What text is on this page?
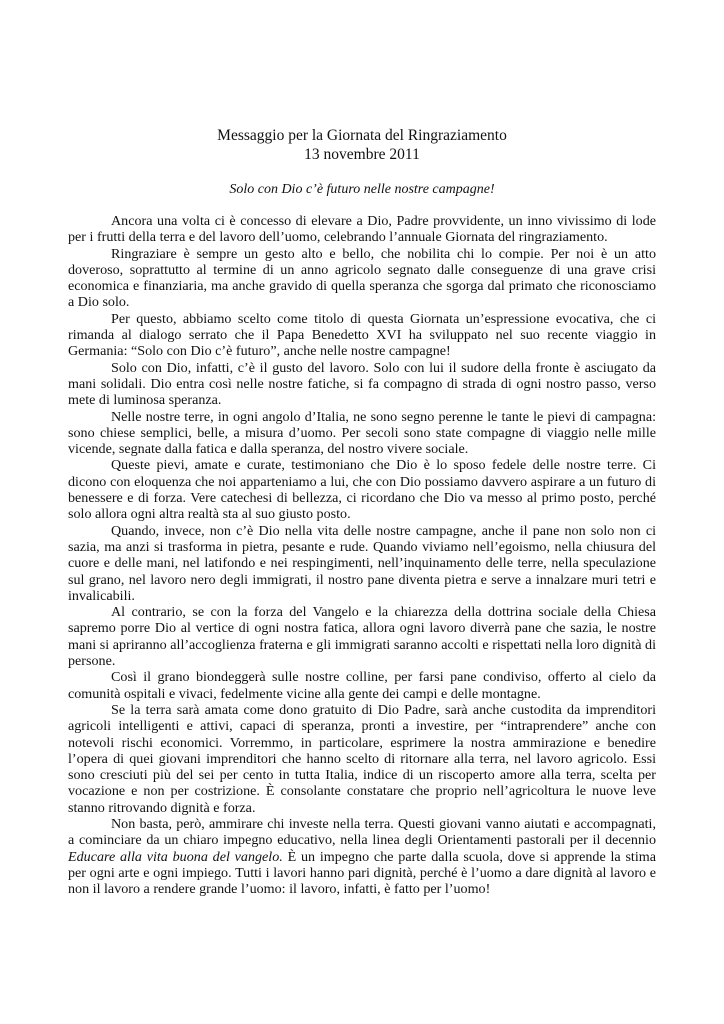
Messaggio per la Giornata del Ringraziamento
13 novembre 2011
Solo con Dio c’è futuro nelle nostre campagne!

Ancora una volta ci è concesso di elevare a Dio, Padre provvidente, un inno vivissimo di lode per i frutti della terra e del lavoro dell’uomo, celebrando l’annuale Giornata del ringraziamento.

Ringraziare è sempre un gesto alto e bello, che nobilita chi lo compie. Per noi è un atto doveroso, soprattutto al termine di un anno agricolo segnato dalle conseguenze di una grave crisi economica e finanziaria, ma anche gravido di quella speranza che sgorga dal primato che riconosciamo a Dio solo.

Per questo, abbiamo scelto come titolo di questa Giornata un’espressione evocativa, che ci rimanda al dialogo serrato che il Papa Benedetto XVI ha sviluppato nel suo recente viaggio in Germania: “Solo con Dio c’è futuro”, anche nelle nostre campagne!

Solo con Dio, infatti, c’è il gusto del lavoro. Solo con lui il sudore della fronte è asciugato da mani solidali. Dio entra così nelle nostre fatiche, si fa compagno di strada di ogni nostro passo, verso mete di luminosa speranza.

Nelle nostre terre, in ogni angolo d’Italia, ne sono segno perenne le tante le pievi di campagna: sono chiese semplici, belle, a misura d’uomo. Per secoli sono state compagne di viaggio nelle mille vicende, segnate dalla fatica e dalla speranza, del nostro vivere sociale.

Queste pievi, amate e curate, testimoniano che Dio è lo sposo fedele delle nostre terre. Ci dicono con eloquenza che noi apparteniamo a lui, che con Dio possiamo davvero aspirare a un futuro di benessere e di forza. Vere catechesi di bellezza, ci ricordano che Dio va messo al primo posto, perché solo allora ogni altra realtà sta al suo giusto posto.

Quando, invece, non c’è Dio nella vita delle nostre campagne, anche il pane non solo non ci sazia, ma anzi si trasforma in pietra, pesante e rude. Quando viviamo nell’egoismo, nella chiusura del cuore e delle mani, nel latifondo e nei respingimenti, nell’inquinamento delle terre, nella speculazione sul grano, nel lavoro nero degli immigrati, il nostro pane diventa pietra e serve a innalzare muri tetri e invalicabili.

Al contrario, se con la forza del Vangelo e la chiarezza della dottrina sociale della Chiesa sapremo porre Dio al vertice di ogni nostra fatica, allora ogni lavoro diverrà pane che sazia, le nostre mani si apriranno all’accoglienza fraterna e gli immigrati saranno accolti e rispettati nella loro dignità di persone.

Così il grano biondeggerà sulle nostre colline, per farsi pane condiviso, offerto al cielo da comunità ospitali e vivaci, fedelmente vicine alla gente dei campi e delle montagne.

Se la terra sarà amata come dono gratuito di Dio Padre, sarà anche custodita da imprenditori agricoli intelligenti e attivi, capaci di speranza, pronti a investire, per “intraprendere” anche con notevoli rischi economici. Vorremmo, in particolare, esprimere la nostra ammirazione e benedire l’opera di quei giovani imprenditori che hanno scelto di ritornare alla terra, nel lavoro agricolo. Essi sono cresciuti più del sei per cento in tutta Italia, indice di un riscoperto amore alla terra, scelta per vocazione e non per costrizione. È consolante constatare che proprio nell’agricoltura le nuove leve stanno ritrovando dignità e forza.

Non basta, però, ammirare chi investe nella terra. Questi giovani vanno aiutati e accompagnati, a cominciare da un chiaro impegno educativo, nella linea degli Orientamenti pastorali per il decennio Educare alla vita buona del vangelo. È un impegno che parte dalla scuola, dove si apprende la stima per ogni arte e ogni impiego. Tutti i lavori hanno pari dignità, perché è l’uomo a dare dignità al lavoro e non il lavoro a rendere grande l’uomo: il lavoro, infatti, è fatto per l’uomo!
